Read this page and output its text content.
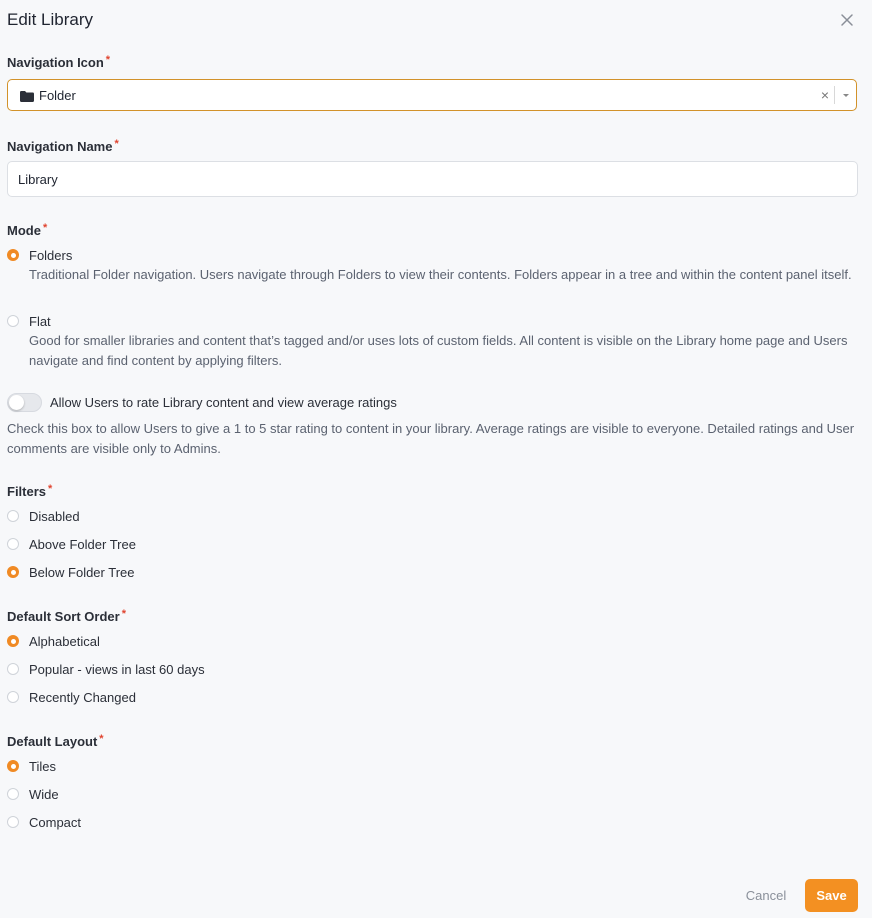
Edit Library
Navigation Icon *
Folder	×
Navigation Name *
Library
Mode *
Folders
Traditional Folder navigation. Users navigate through Folders to view their contents. Folders appear in a tree and within the content panel itself.
Flat
Good for smaller libraries and content that’s tagged and/or uses lots of custom fields. All content is visible on the Library home page and Users navigate and find content by applying filters.
Allow Users to rate Library content and view average ratings
Check this box to allow Users to give a 1 to 5 star rating to content in your library. Average ratings are visible to everyone. Detailed ratings and User comments are visible only to Admins.
Filters *
Disabled
Above Folder Tree
Below Folder Tree
Default Sort Order *
Alphabetical
Popular - views in last 60 days
Recently Changed
Default Layout *
Tiles
Wide
Compact
Cancel	Save
